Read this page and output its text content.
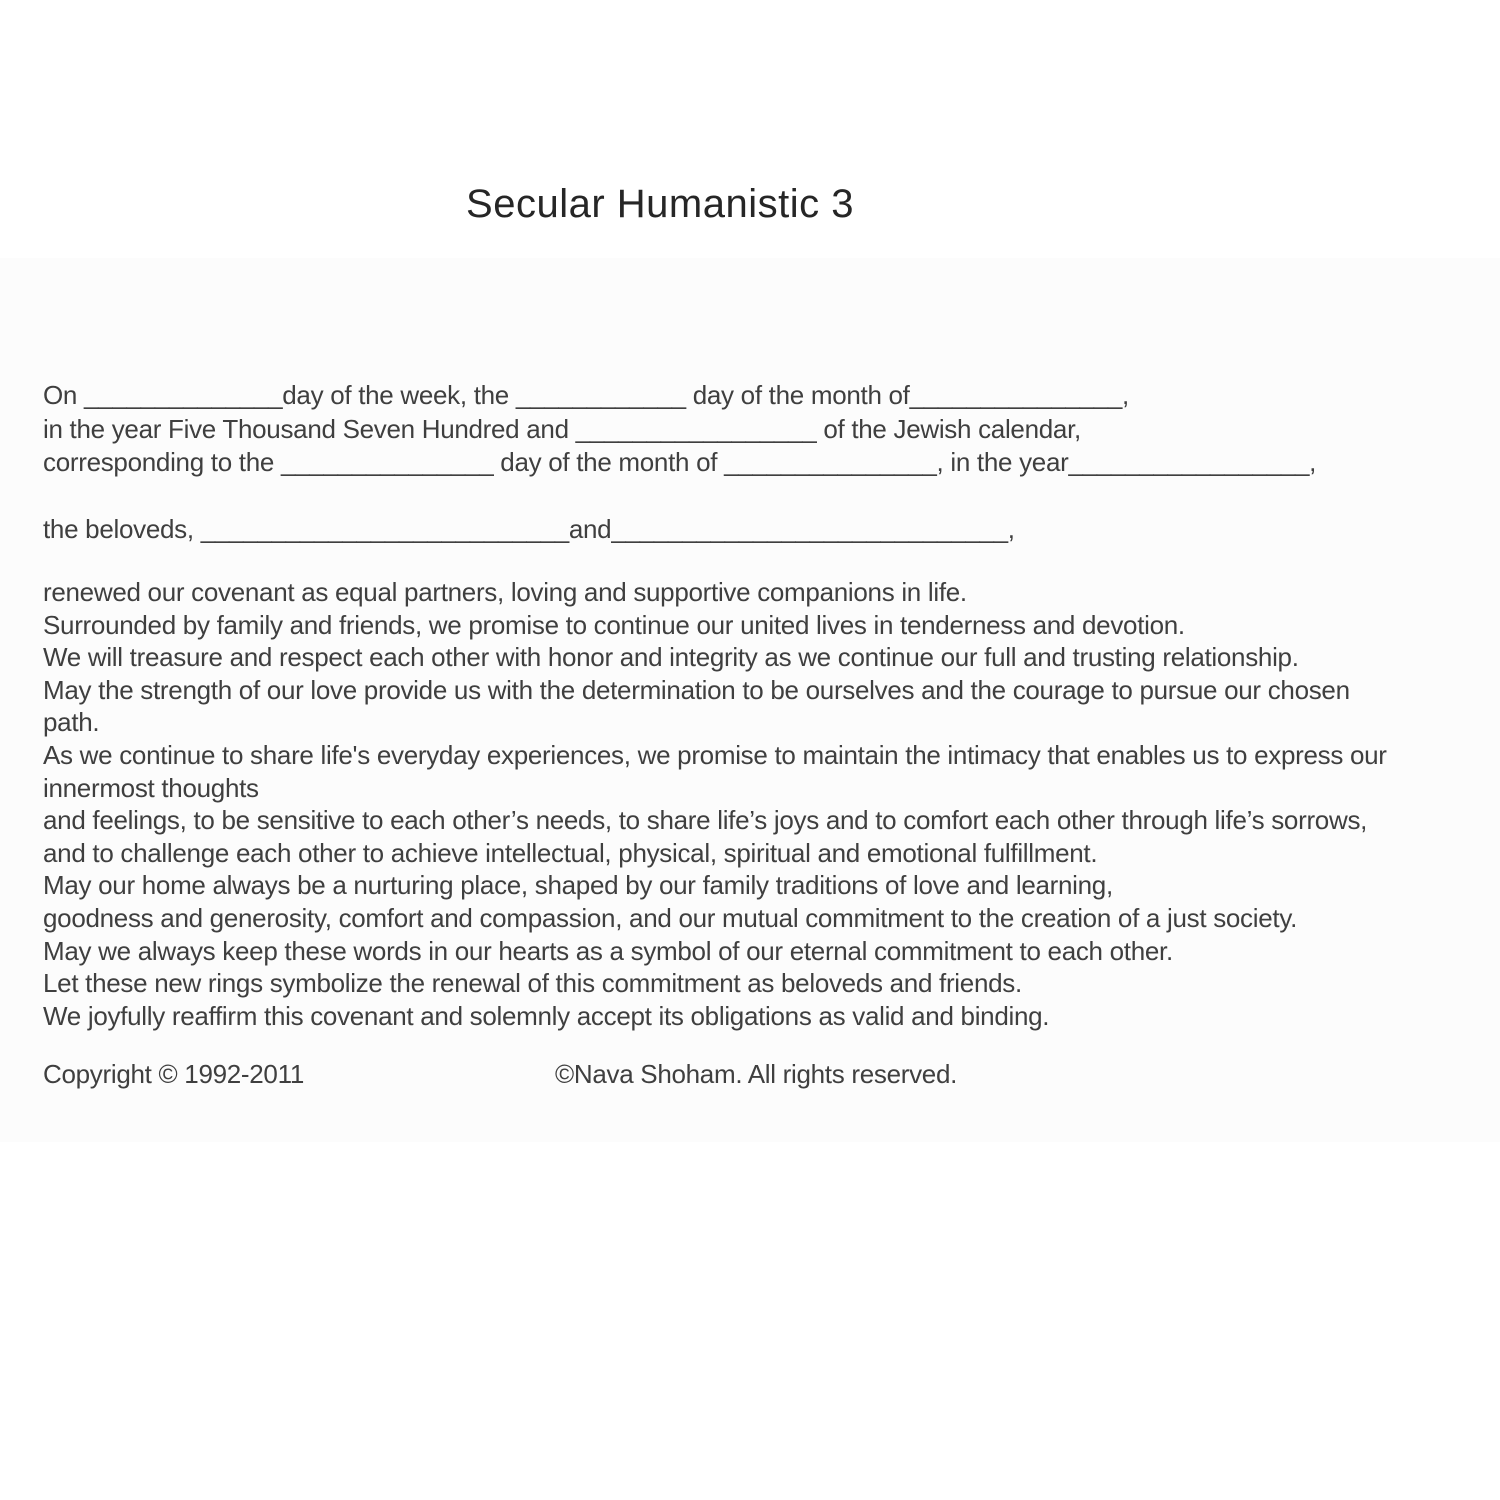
Secular Humanistic 3
On ______________day of the week, the ____________ day of the month of_______________,
in the year Five Thousand Seven Hundred and _________________ of the Jewish calendar,
corresponding to the _______________ day of the month of _______________, in the year_________________,
the beloveds, __________________________and____________________________,
renewed our covenant as equal partners, loving and supportive companions in life.
Surrounded by family and friends, we promise to continue our united lives in tenderness and devotion.
We will treasure and respect each other with honor and integrity as we continue our full and trusting relationship.
May the strength of our love provide us with the determination to be ourselves and the courage to pursue our chosen
path.
As we continue to share life's everyday experiences, we promise to maintain the intimacy that enables us to express our
innermost thoughts
and feelings, to be sensitive to each other’s needs, to share life’s joys and to comfort each other through life’s sorrows,
and to challenge each other to achieve intellectual, physical, spiritual and emotional fulfillment.
May our home always be a nurturing place, shaped by our family traditions of love and learning,
goodness and generosity, comfort and compassion, and our mutual commitment to the creation of a just society.
May we always keep these words in our hearts as a symbol of our eternal commitment to each other.
Let these new rings symbolize the renewal of this commitment as beloveds and friends.
We joyfully reaffirm this covenant and solemnly accept its obligations as valid and binding.
Copyright © 1992-2011	©Nava Shoham. All rights reserved.
